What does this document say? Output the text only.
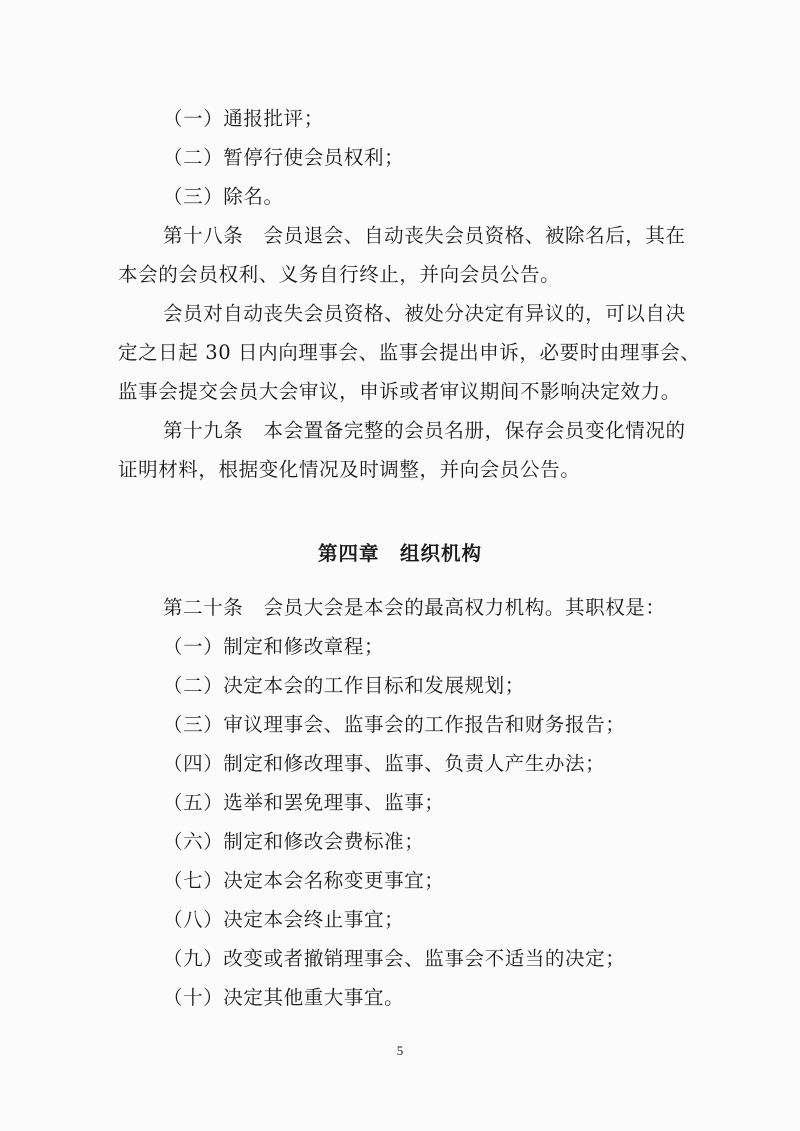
（一）通报批评；
（二）暂停行使会员权利；
（三）除名。
第十八条　会员退会、自动丧失会员资格、被除名后，其在
本会的会员权利、义务自行终止，并向会员公告。
会员对自动丧失会员资格、被处分决定有异议的，可以自决
定之日起 30 日内向理事会、监事会提出申诉，必要时由理事会、
监事会提交会员大会审议，申诉或者审议期间不影响决定效力。
第十九条　本会置备完整的会员名册，保存会员变化情况的
证明材料，根据变化情况及时调整，并向会员公告。
第四章　组织机构
第二十条　会员大会是本会的最高权力机构。其职权是：
（一）制定和修改章程；
（二）决定本会的工作目标和发展规划；
（三）审议理事会、监事会的工作报告和财务报告；
（四）制定和修改理事、监事、负责人产生办法；
（五）选举和罢免理事、监事；
（六）制定和修改会费标准；
（七）决定本会名称变更事宜；
（八）决定本会终止事宜；
（九）改变或者撤销理事会、监事会不适当的决定；
（十）决定其他重大事宜。
5
